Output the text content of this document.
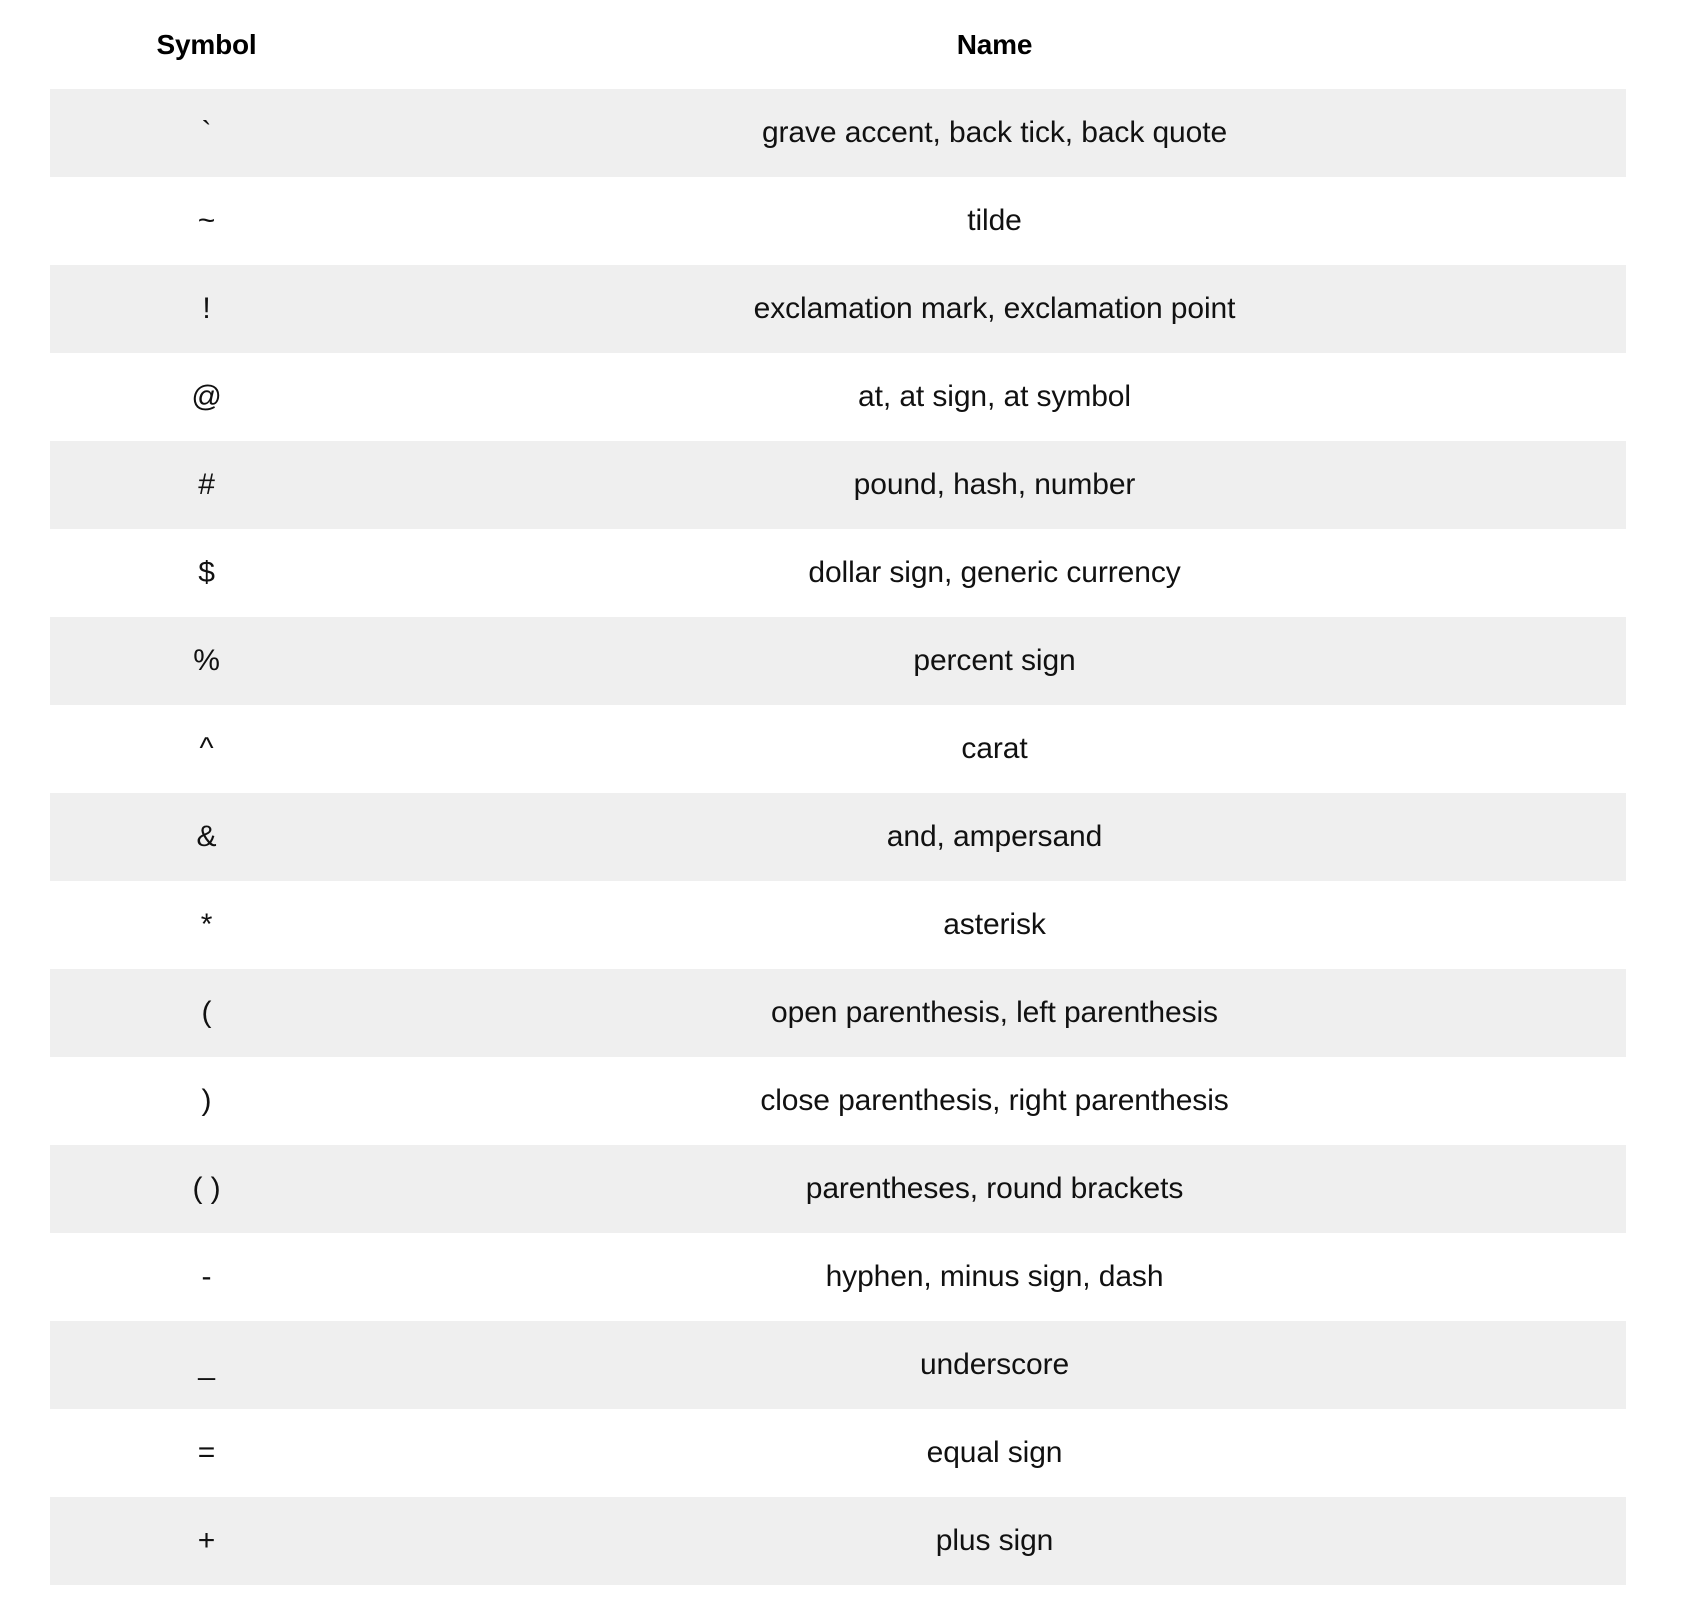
Symbol	Name
`	grave accent, back tick, back quote
~	tilde
!	exclamation mark, exclamation point
@	at, at sign, at symbol
#	pound, hash, number
$	dollar sign, generic currency
%	percent sign
^	carat
&	and, ampersand
*	asterisk
(	open parenthesis, left parenthesis
)	close parenthesis, right parenthesis
( )	parentheses, round brackets
-	hyphen, minus sign, dash
_	underscore
=	equal sign
+	plus sign
